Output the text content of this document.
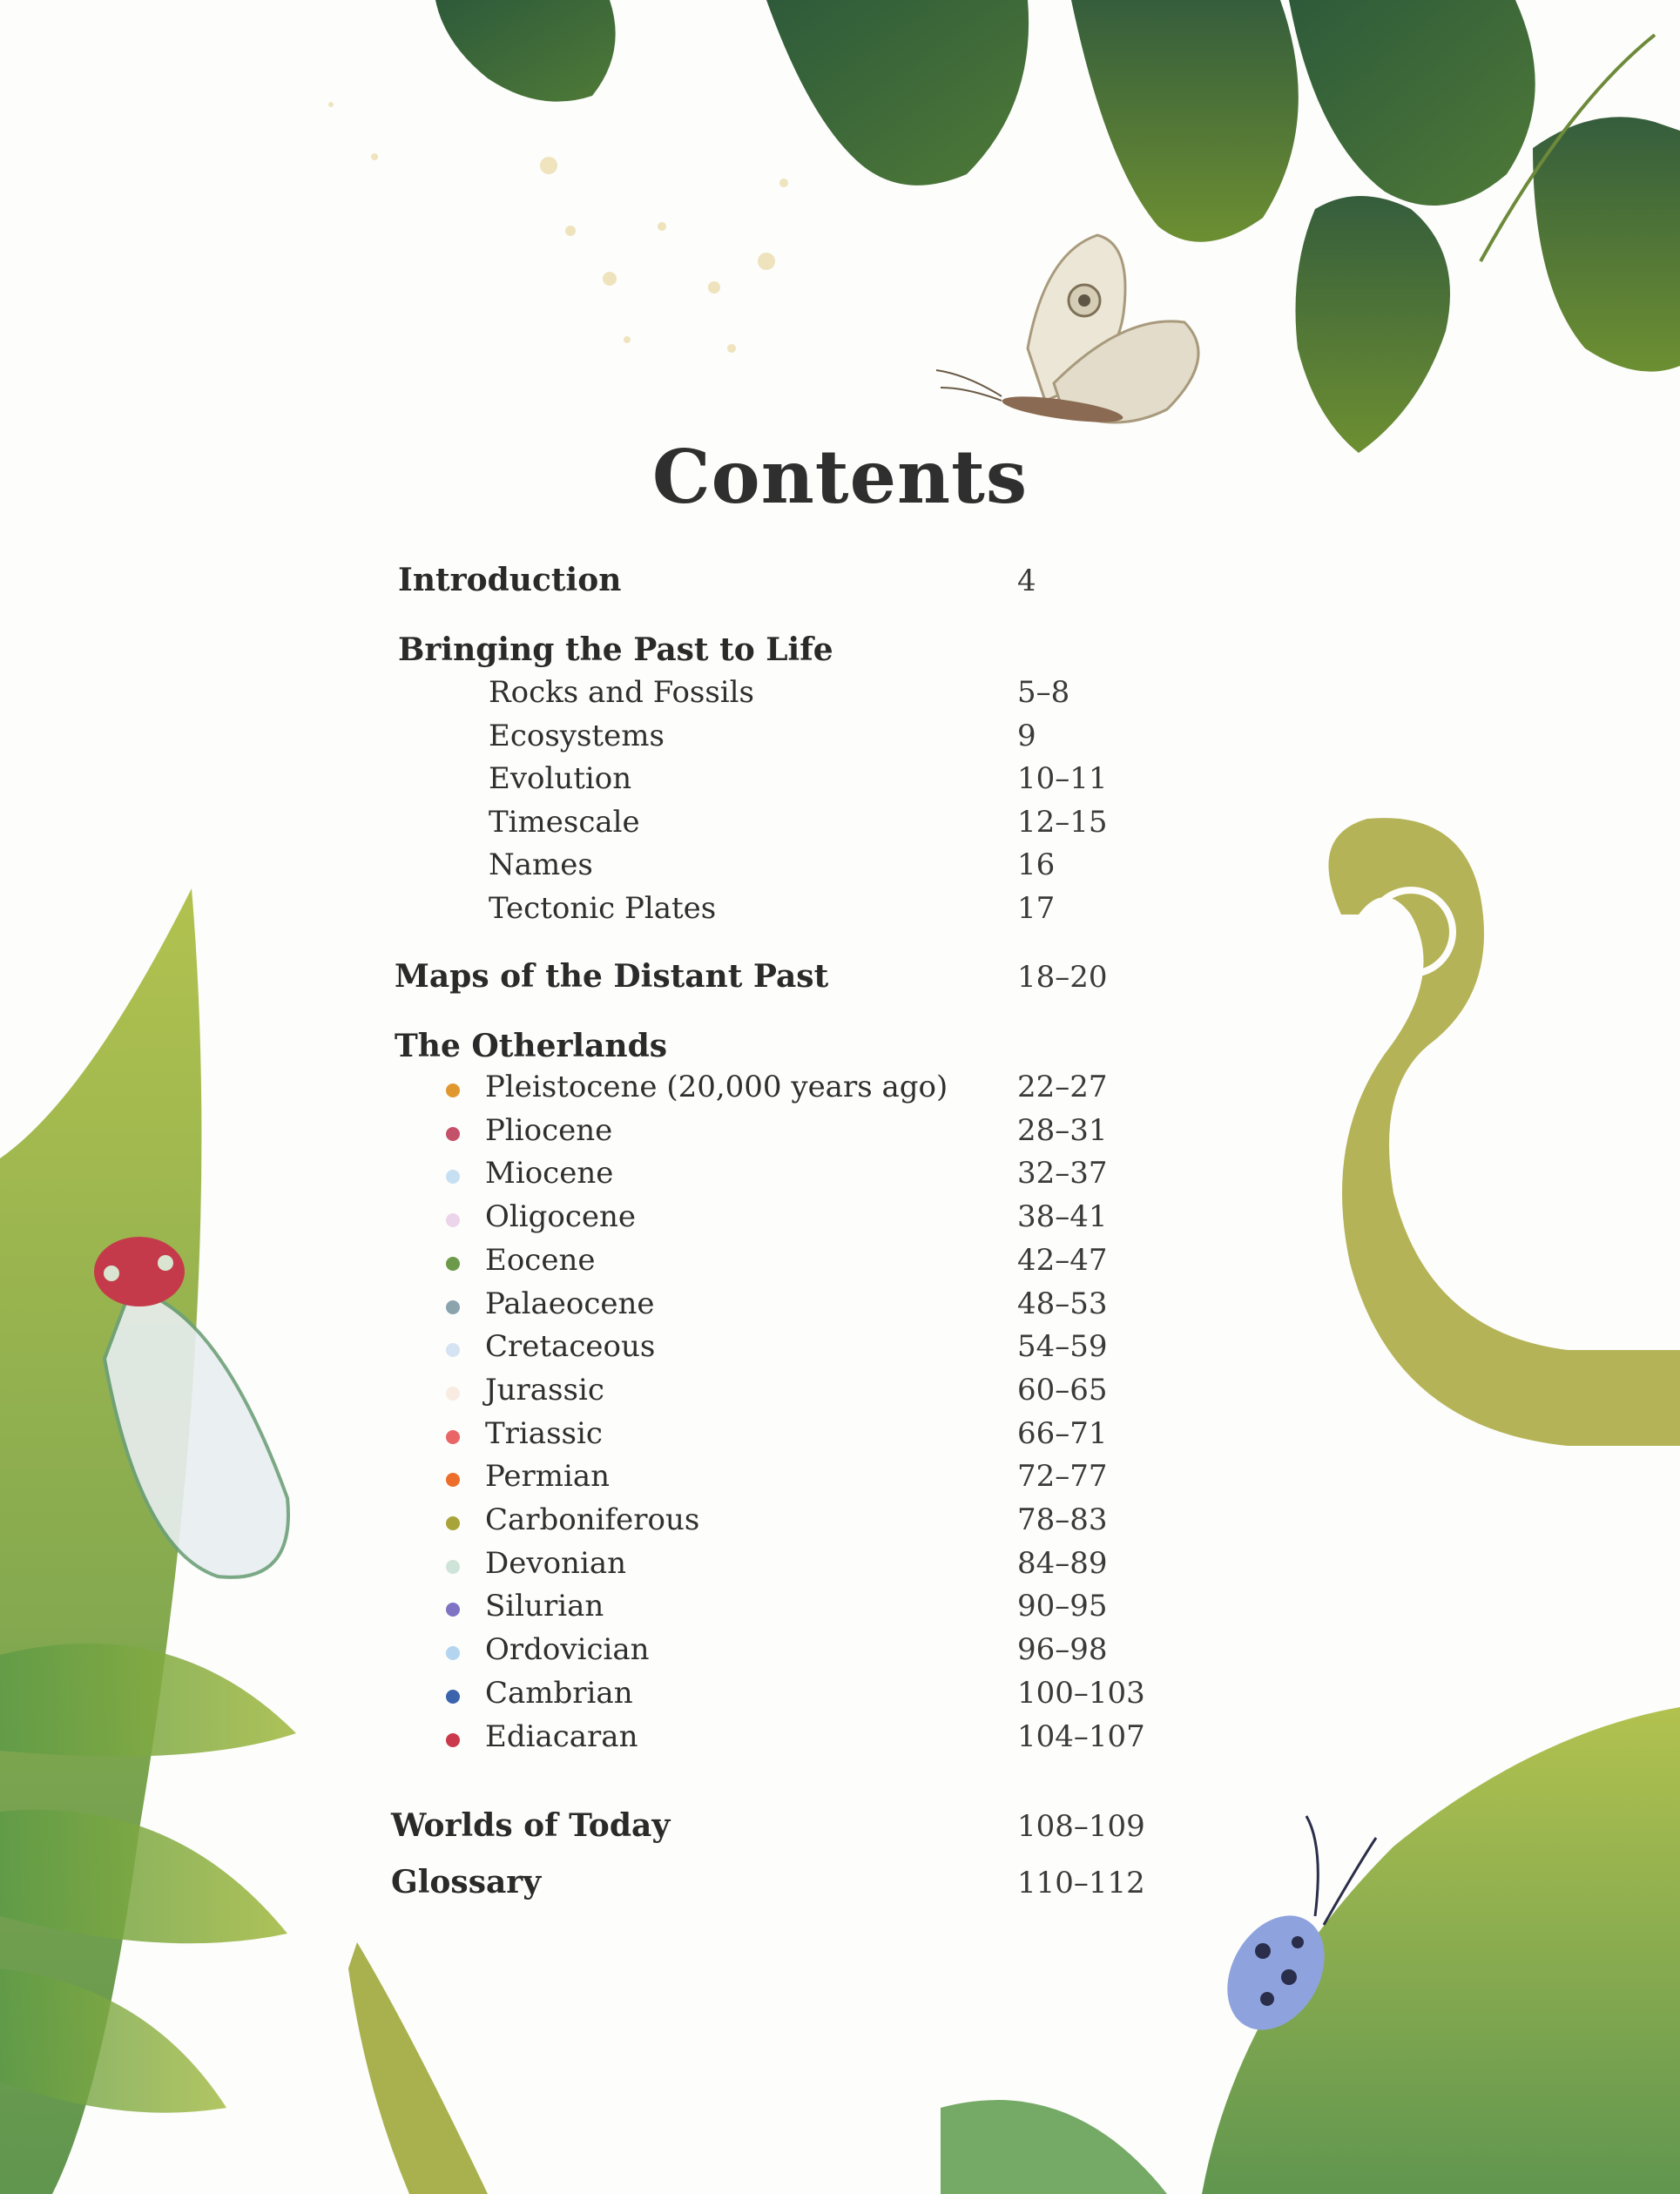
Contents
Introduction	4
Bringing the Past to Life
Rocks and Fossils	5–8
Ecosystems	9
Evolution	10–11
Timescale	12–15
Names	16
Tectonic Plates	17
Maps of the Distant Past	18–20
The Otherlands
Pleistocene (20,000 years ago) 22–27
Pliocene	28–31
Miocene	32–37
Oligocene	38–41
Eocene	42–47
Palaeocene	48–53
Cretaceous	54–59
Jurassic	60–65
Triassic	66–71
Permian	72–77
Carboniferous	78–83
Devonian	84–89
Silurian	90–95
Ordovician	96–98
Cambrian	100–103
Ediacaran	104–107
Worlds of Today	108–109
Glossary	110–112
